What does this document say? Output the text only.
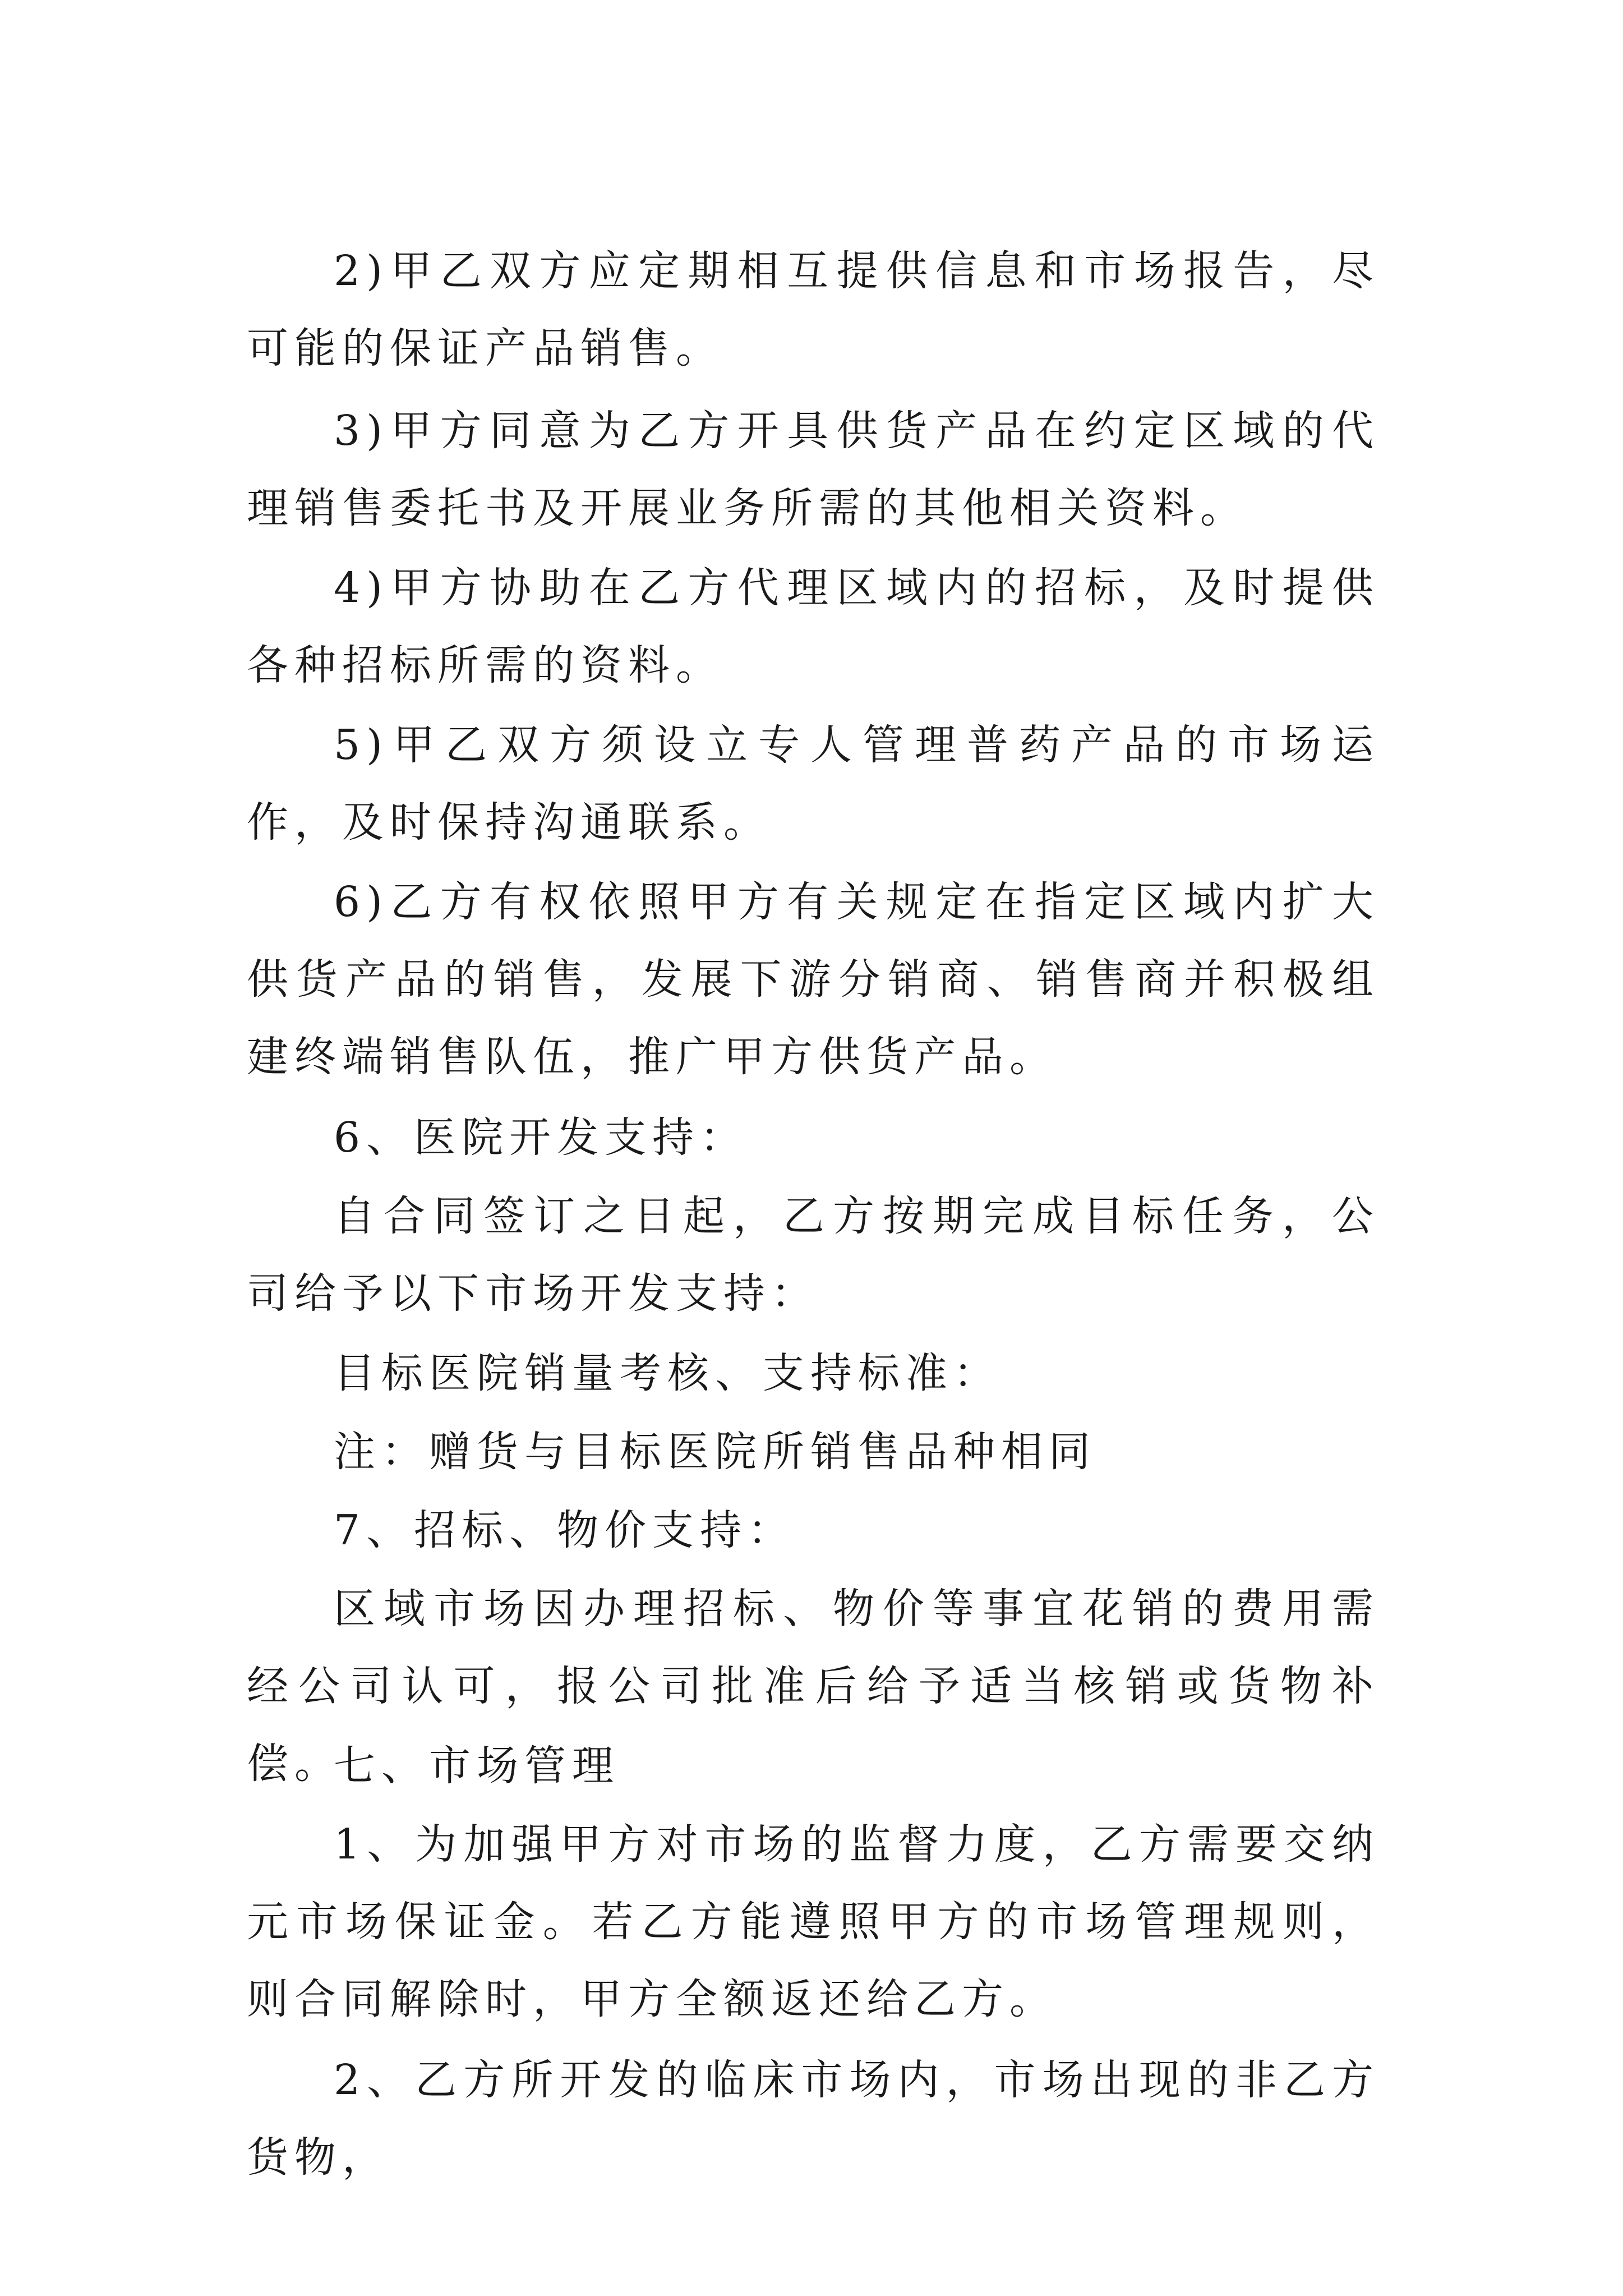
2)甲乙双方应定期相互提供信息和市场报告，尽可能的保证产品销售。

3)甲方同意为乙方开具供货产品在约定区域的代理销售委托书及开展业务所需的其他相关资料。

4)甲方协助在乙方代理区域内的招标，及时提供各种招标所需的资料。

5)甲乙双方须设立专人管理普药产品的市场运作，及时保持沟通联系。

6)乙方有权依照甲方有关规定在指定区域内扩大供货产品的销售，发展下游分销商、销售商并积极组建终端销售队伍，推广甲方供货产品。

6、医院开发支持：

自合同签订之日起，乙方按期完成目标任务，公司给予以下市场开发支持：

目标医院销量考核、支持标准：

注：赠货与目标医院所销售品种相同

7、招标、物价支持：

区域市场因办理招标、物价等事宜花销的费用需经公司认可，报公司批准后给予适当核销或货物补偿。

七、市场管理

1、为加强甲方对市场的监督力度，乙方需要交纳元市场保证金。若乙方能遵照甲方的市场管理规则，则合同解除时，甲方全额返还给乙方。

2、乙方所开发的临床市场内，市场出现的非乙方货物，
